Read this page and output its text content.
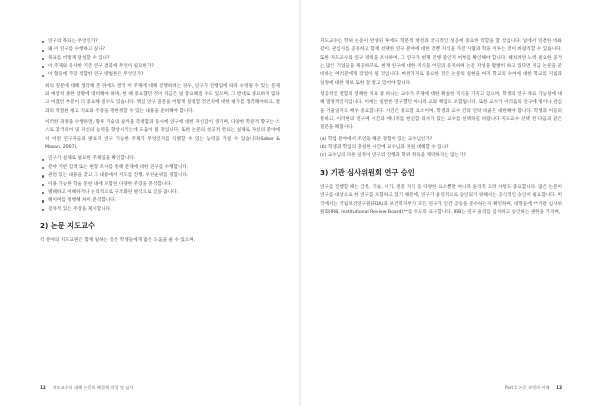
연구의 목표는 무엇인가?
왜 이 연구를 수행하고 싶나?
목표를 어떻게 달성할 수 있나?
이 주제와 유사한 기존 연구 결과에 무엇이 필요한가?
이 협동에 가장 적합한 연구 방법론은 무엇인가?

위의 질문에 대해 생각해 본 뒤에도 결국 이 주제에 대해 진행하려는 경우, 연구가 진행됨에 따라 수정될 수 있는 문제와 예상치 못한 상황에 대비해야 하며, 한 때 중요했던 것이 지금은 덜 중요해질 수도 있으며, 그 반대로 중요하지 않다고 여겼던 부분이 더 중요해 질수도 있습니다. 핵심 연구 질문을 어떻게 설정할 것인지에 대한 평가를 생각해야하고, 결과의 적절한 평고 지표와 주장을 정한정할 수 있는 내용을 준비해야 합니다.

이러한 과정을 수행하면, 향후 기술의 숲까을 측정함과 동시에 연구에 대한 자신감이 생기며, 다양한 학문적 향구는 스스로 찾거리어 및 자신의 능력을 향상시키는데 도움이 될 것입니다. 또한 논문의 성공적 완료는 실제로 자신의 분야에서 어떤 연구자들의 발표지 연구 가능한 주제가 무엇인지를 식별할 수 있는 능력을 가질 수 있습니다(Saber & Mason, 2007).

연구가 실제로 필요한 주제임을 확인합니다.
분야 기반 검색 또는 현장 조사를 통해 문제에 대한 연구를 수행합니다.
관련 있는 내용을 찾고 그 내용에서 지도를 진행, 우선순위를 정합니다.
이용 가능한 학술 문헌 내에 포함된 다양한 주장을 분석합니다.
별해하고 이해하거나 논리적으로 구조화된 방식으로 글을 씁니다.
해이버를 정행해 차이 분석합니다.
질차적 있는 주장을 제시합니다.
2) 논문 지도교수

각 분야의 지도교원은 함께 일하는 것은 학생들에게 많은 도움을 줄 수 있으며,

12 지도교수의 대해 논문의 해결책 작성 및 심사

지도교수는 학위 논문이 완성된 후에도 학문적 방전과 궁극적인 성공에 중요한 역할을 할 것입니다. 일에서 연결한 바와 같이, 관심사를 공유하고 함께 선택한 연구 분야에 대한 것뿐 지식을 가진 사람과 학을 이루는 것이 바람직할 수 있습니다. 또한 지도교수의 연구 경력을 조사하여, 그 연구가 현재 진행 중인지 여부를 확인해야 합니다. 헤치려면 노력 필요한 증거는 많은 기업들을 제공하므로, 현재 연구에 대한 지식을 어딘의 유지하며 논문 작성을 활발히 하고 있다면 지금 논문을 준비하는 여러분에게 장점이 될 것입니다. 마찬가지로 중요한 것은 논문의 실현을 마지 학교의 수여에 대한 학교의 지침과 일정에 대한 정보 또한 잘 알고 있어야 합니다.

성공적인 결합의 영해한 지표 중 하나는 교수가 주제에 대한 확실한 지식을 가지고 있으며, 학생의 연구 목표 가능성에 대해 열정적인지입니다. 이에는 일반론 연구했던 아니라 교와 책임도 포함됩니다. 또한 교수가 이러움의 연구에 명이나 관심을 기울일지도 배우 중요합니다. 시간은 중요할 요소이며, 학생과 교수 간의 연락 비율은 대한해야 합니다. 학생과 이들의 통하고, 이러한의 연구에 시간과 에너지를 헌신할 의사가 있는 교수를 선택하길 바랍니다 지도교수 선택 전 다음과 같은 질문을 해봅시다.

(a) 학업 분야에서 조언을 해준 경험이 있는 교수님인가?

(b) 학생과 학업의 충실한 시간에 교수님과 지원 대해할 수 있나?

(c) 교수님의 다른 일정이 연구의 진행과 학위 취득을 계약하지는 않는가?

3) 기관 심사위원회 연구 승인

연구를 진행할 때는 글옥, 기술, 시기, 전문 지식 등 다양한 요소뿐만 아니라 윤리적 고려 사항도 중요합니다. 많은 논문이 연구를 대상으로 한 연구를 포함하고 있기 때문에, 연구가 윤리적으로 승인되기 위해서는 공식적인 승인이 필요합니다. 미국에서는 국립보건연구원(FDA)과 보건복지부가 모든 연구가 인간 공동을 준수하는지 확인하며, 대학들에 **기관 심사위원회(IRB, Institutional Review Board)**를 두도록 요구합니다. IRB는 연구 윤리를 심사하고 승인하는 권한을 가지며,

Part 1 논문 과정의 이해 13
